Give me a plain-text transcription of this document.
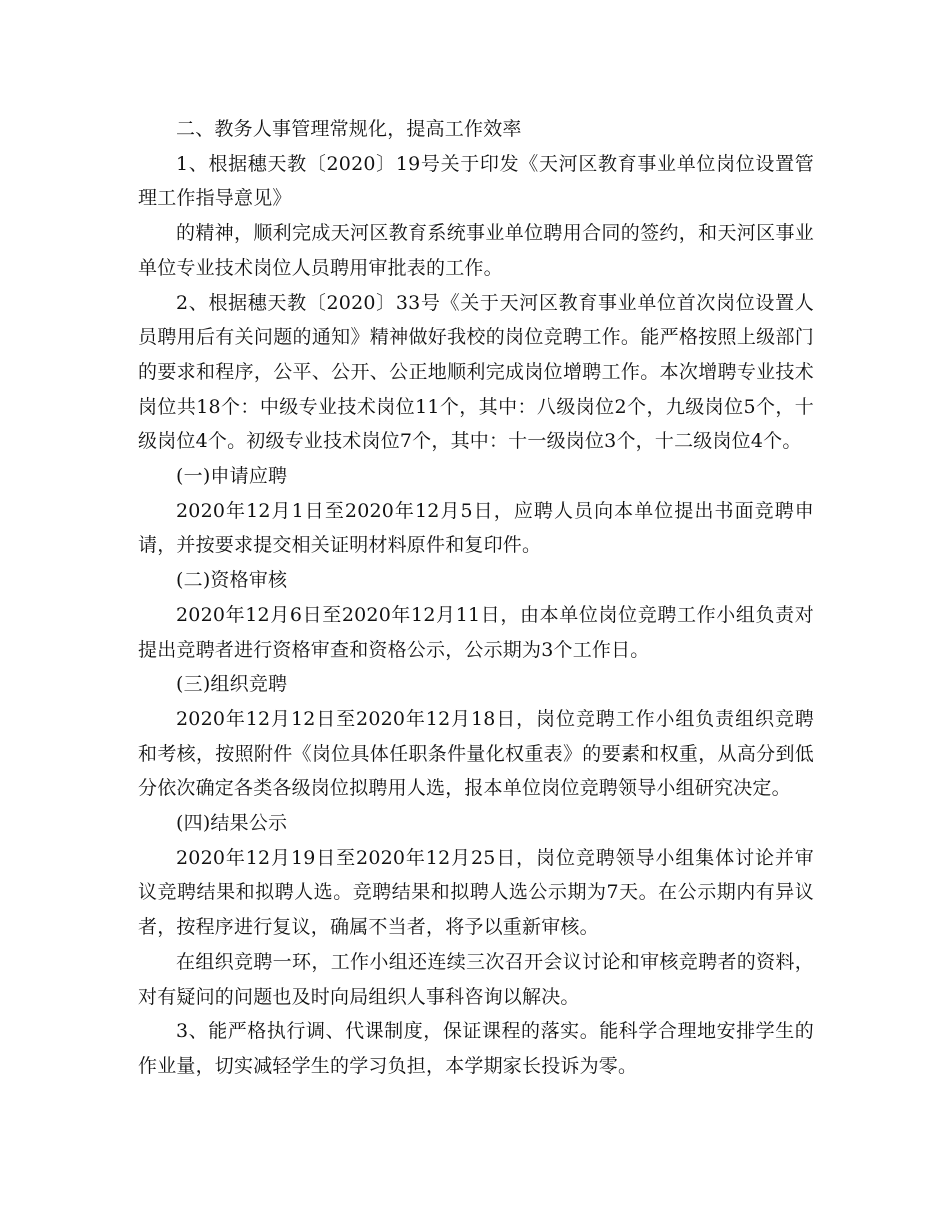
二、教务人事管理常规化，提高工作效率

1、根据穗天教〔2020〕19号关于印发《天河区教育事业单位岗位设置管理工作指导意见》

的精神，顺利完成天河区教育系统事业单位聘用合同的签约，和天河区事业单位专业技术岗位人员聘用审批表的工作。

2、根据穗天教〔2020〕33号《关于天河区教育事业单位首次岗位设置人员聘用后有关问题的通知》精神做好我校的岗位竞聘工作。能严格按照上级部门的要求和程序，公平、公开、公正地顺利完成岗位增聘工作。本次增聘专业技术岗位共18个：中级专业技术岗位11个，其中：八级岗位2个，九级岗位5个，十级岗位4个。初级专业技术岗位7个，其中：十一级岗位3个，十二级岗位4个。

(一)申请应聘

2020年12月1日至2020年12月5日，应聘人员向本单位提出书面竞聘申请，并按要求提交相关证明材料原件和复印件。

(二)资格审核

2020年12月6日至2020年12月11日，由本单位岗位竞聘工作小组负责对提出竞聘者进行资格审查和资格公示，公示期为3个工作日。

(三)组织竞聘

2020年12月12日至2020年12月18日，岗位竞聘工作小组负责组织竞聘和考核，按照附件《岗位具体任职条件量化权重表》的要素和权重，从高分到低分依次确定各类各级岗位拟聘用人选，报本单位岗位竞聘领导小组研究决定。

(四)结果公示

2020年12月19日至2020年12月25日，岗位竞聘领导小组集体讨论并审议竞聘结果和拟聘人选。竞聘结果和拟聘人选公示期为7天。在公示期内有异议者，按程序进行复议，确属不当者，将予以重新审核。

在组织竞聘一环，工作小组还连续三次召开会议讨论和审核竞聘者的资料，对有疑问的问题也及时向局组织人事科咨询以解决。

3、能严格执行调、代课制度，保证课程的落实。能科学合理地安排学生的作业量，切实减轻学生的学习负担，本学期家长投诉为零。
